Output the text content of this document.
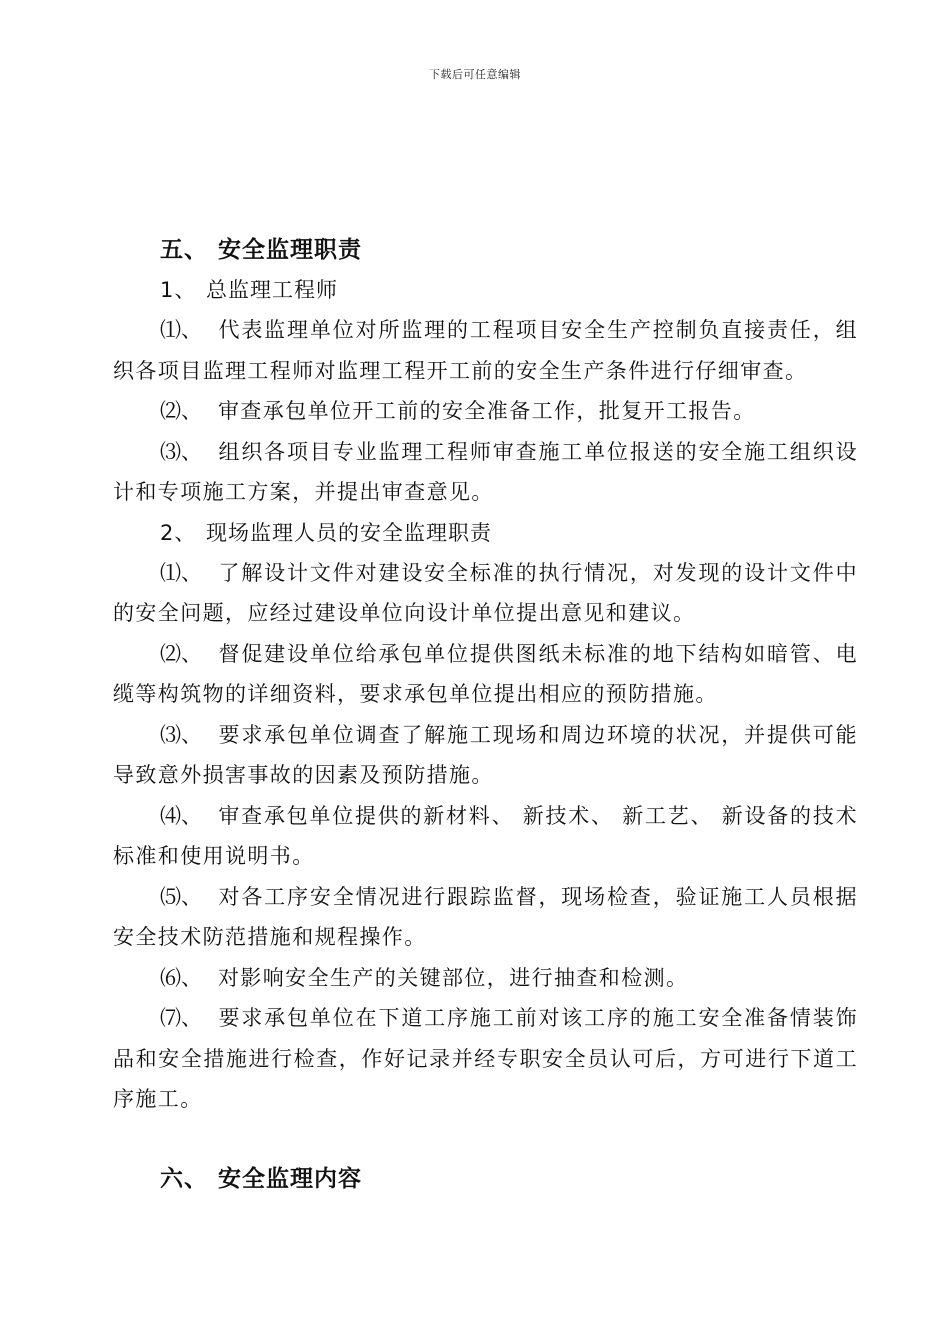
下载后可任意编辑
五、 安全监理职责
1、 总监理工程师
⑴、 代表监理单位对所监理的工程项目安全生产控制负直接责任，组织各项目监理工程师对监理工程开工前的安全生产条件进行仔细审查。
⑵、 审查承包单位开工前的安全准备工作，批复开工报告。
⑶、 组织各项目专业监理工程师审查施工单位报送的安全施工组织设计和专项施工方案，并提出审查意见。
2、 现场监理人员的安全监理职责
⑴、 了解设计文件对建设安全标准的执行情况，对发现的设计文件中的安全问题，应经过建设单位向设计单位提出意见和建议。
⑵、 督促建设单位给承包单位提供图纸未标准的地下结构如暗管、电缆等构筑物的详细资料，要求承包单位提出相应的预防措施。
⑶、 要求承包单位调查了解施工现场和周边环境的状况，并提供可能导致意外损害事故的因素及预防措施。
⑷、 审查承包单位提供的新材料、 新技术、 新工艺、 新设备的技术标准和使用说明书。
⑸、 对各工序安全情况进行跟踪监督，现场检查，验证施工人员根据安全技术防范措施和规程操作。
⑹、 对影响安全生产的关键部位，进行抽查和检测。
⑺、 要求承包单位在下道工序施工前对该工序的施工安全准备情装饰品和安全措施进行检查，作好记录并经专职安全员认可后，方可进行下道工序施工。
六、 安全监理内容
